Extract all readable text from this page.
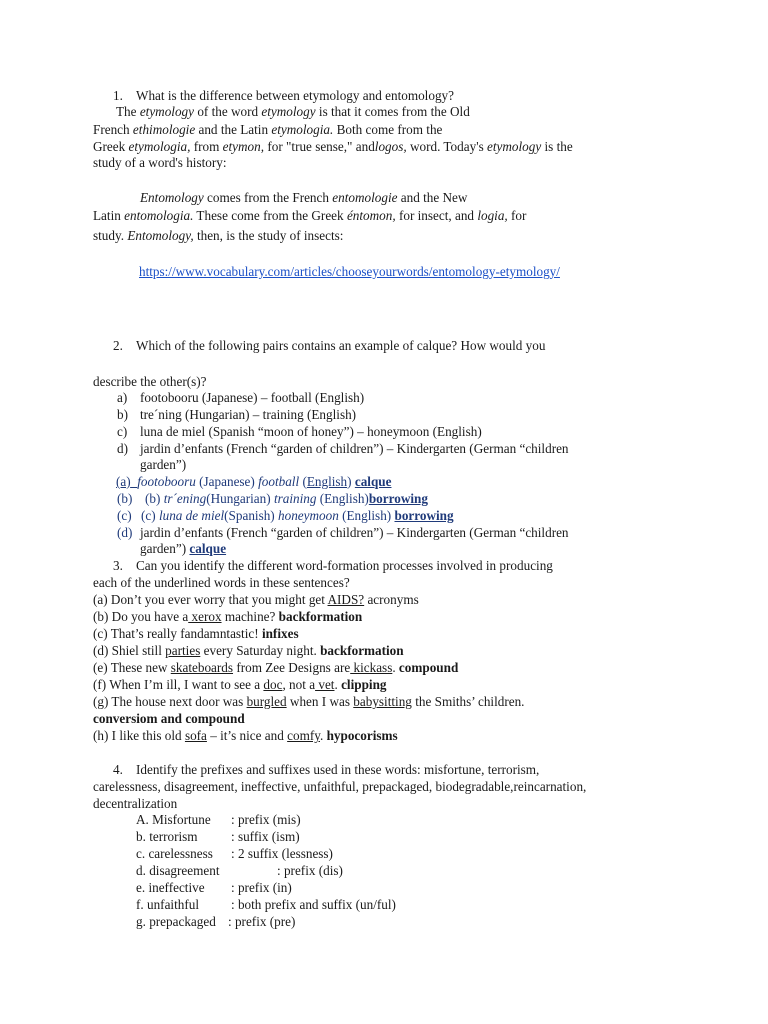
1. What is the difference between etymology and entomology?
The etymology of the word etymology is that it comes from the Old
French ethimologie and the Latin etymologia. Both come from the
Greek etymologia, from etymon, for "true sense," andlogos, word. Today's etymology is the
study of a word's history:
Entomology comes from the French entomologie and the New
Latin entomologia. These come from the Greek éntomon, for insect, and logia, for
study. Entomology, then, is the study of insects:
https://www.vocabulary.com/articles/chooseyourwords/entomology-etymology/
2. Which of the following pairs contains an example of calque? How would you
describe the other(s)?
a) footobooru (Japanese) – football (English)
b) tre´ning (Hungarian) – training (English)
c) luna de miel (Spanish “moon of honey”) – honeymoon (English)
d) jardin d’enfants (French “garden of children”) – Kindergarten (German “children
garden”)
(a) footobooru (Japanese) football (English) calque
(b) (b) tr´ening(Hungarian) training (English)borrowing
(c) (c) luna de miel(Spanish) honeymoon (English) borrowing
(d) jardin d’enfants (French “garden of children”) – Kindergarten (German “children
garden”) calque
3. Can you identify the different word-formation processes involved in producing
each of the underlined words in these sentences?
(a) Don’t you ever worry that you might get AIDS? acronyms
(b) Do you have a xerox machine? backformation
(c) That’s really fandamntastic! infixes
(d) Shiel still parties every Saturday night. backformation
(e) These new skateboards from Zee Designs are kickass. compound
(f) When I’m ill, I want to see a doc, not a vet. clipping
(g) The house next door was burgled when I was babysitting the Smiths’ children.
conversiom and compound
(h) I like this old sofa – it’s nice and comfy. hypocorisms
4. Identify the prefixes and suffixes used in these words: misfortune, terrorism,
carelessness, disagreement, ineffective, unfaithful, prepackaged, biodegradable,reincarnation,
decentralization
A. Misfortune : prefix (mis)
b. terrorism	: suffix (ism)
c. carelessness : 2 suffix (lessness)
d. disagreement	: prefix (dis)
e. ineffective : prefix (in)
f. unfaithful : both prefix and suffix (un/ful)
g. prepackaged : prefix (pre)
